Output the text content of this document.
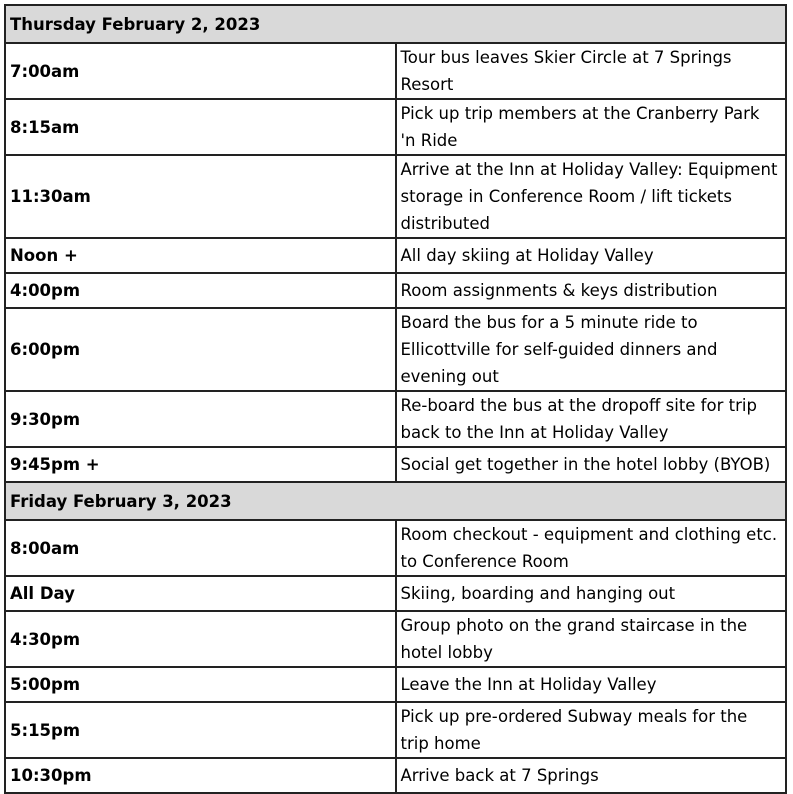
Thursday February 2, 2023	
7:00am	Tour bus leaves Skier Circle at 7 Springs Resort
8:15am	Pick up trip members at the Cranberry Park 'n Ride
11:30am	Arrive at the Inn at Holiday Valley: Equipment storage in Conference Room / lift tickets distributed
Noon +	All day skiing at Holiday Valley
4:00pm	Room assignments & keys distribution
6:00pm	Board the bus for a 5 minute ride to Ellicottville for self-guided dinners and evening out
9:30pm	Re-board the bus at the dropoff site for trip back to the Inn at Holiday Valley
9:45pm +	Social get together in the hotel lobby (BYOB)
Friday February 3, 2023	
8:00am	Room checkout - equipment and clothing etc. to Conference Room
All Day	Skiing, boarding and hanging out
4:30pm	Group photo on the grand staircase in the hotel lobby
5:00pm	Leave the Inn at Holiday Valley
5:15pm	Pick up pre-ordered Subway meals for the trip home
10:30pm	Arrive back at 7 Springs
